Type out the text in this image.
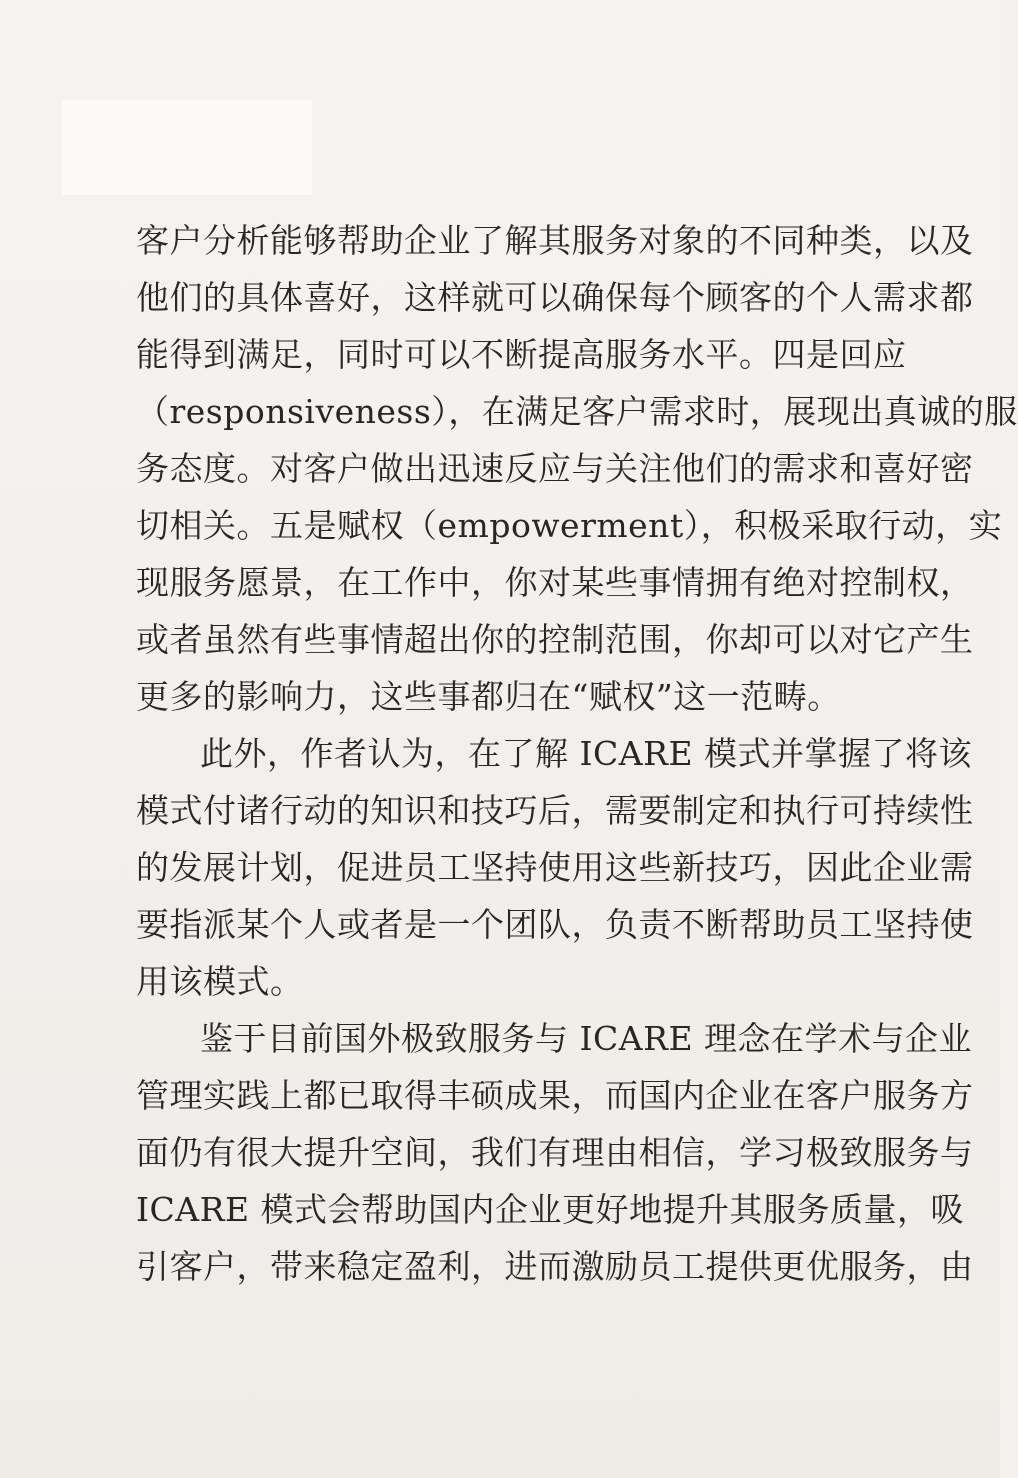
客户分析能够帮助企业了解其服务对象的不同种类，以及
他们的具体喜好，这样就可以确保每个顾客的个人需求都
能得到满足，同时可以不断提高服务水平。四是回应
（responsiveness），在满足客户需求时，展现出真诚的服
务态度。对客户做出迅速反应与关注他们的需求和喜好密
切相关。五是赋权（empowerment），积极采取行动，实
现服务愿景，在工作中，你对某些事情拥有绝对控制权，
或者虽然有些事情超出你的控制范围，你却可以对它产生
更多的影响力，这些事都归在“赋权”这一范畴。
此外，作者认为，在了解 ICARE 模式并掌握了将该
模式付诸行动的知识和技巧后，需要制定和执行可持续性
的发展计划，促进员工坚持使用这些新技巧，因此企业需
要指派某个人或者是一个团队，负责不断帮助员工坚持使
用该模式。
鉴于目前国外极致服务与 ICARE 理念在学术与企业
管理实践上都已取得丰硕成果，而国内企业在客户服务方
面仍有很大提升空间，我们有理由相信，学习极致服务与
ICARE 模式会帮助国内企业更好地提升其服务质量，吸
引客户，带来稳定盈利，进而激励员工提供更优服务，由
